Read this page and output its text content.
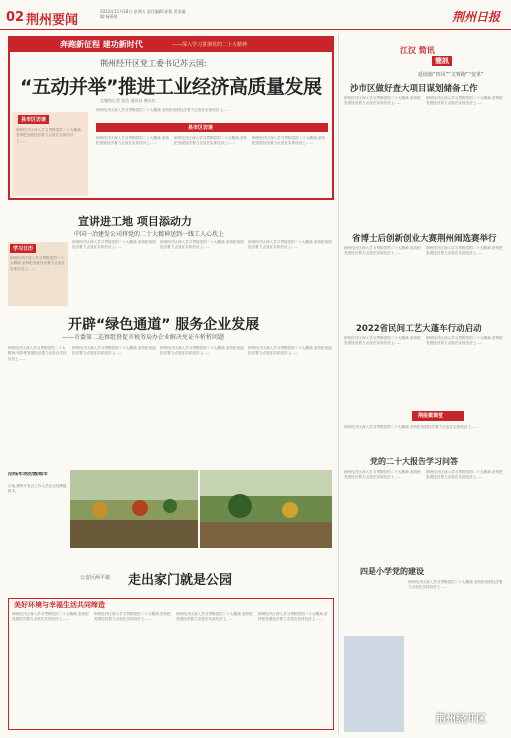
02 荆州要闻
2022年11月18日 星期五 责任编辑:孙莉 美术编辑:杨瑶瑶	荆州日报
奔跑新征程 建功新时代	——深入学习贯彻党的二十大精神
荆州经开区党工委书记苏云国:
“五动并举”推进工业经济高质量发展
全媒体记者 彭浩 通讯员 熊永红
县市区访谈
荆州经开区深入学习贯彻党的二十大精神,坚持把发展经济着力点放在实体经济上……
县市区访谈
荆州经开区深入学习贯彻党的二十大精神,坚持把发展经济着力点放在实体经济上……
荆州经开区深入学习贯彻党的二十大精神,坚持把发展经济着力点放在实体经济上……
荆州经开区深入学习贯彻党的二十大精神,坚持把发展经济着力点放在实体经济上……
荆州经开区深入学习贯彻党的二十大精神,坚持把发展经济着力点放在实体经济上……
江汉 简讯
簡訊
延续施“四风”“又赛跑”“变革”
沙市区做好査大项目谋划储备工作
荆州经开区深入学习贯彻党的二十大精神,坚持把发展经济着力点放在实体经济上……
荆州经开区深入学习贯彻党的二十大精神,坚持把发展经济着力点放在实体经济上……
省博士后创新创业大赛荆州闹选赛举行
荆州经开区深入学习贯彻党的二十大精神,坚持把发展经济着力点放在实体经济上……
荆州经开区深入学习贯彻党的二十大精神,坚持把发展经济着力点放在实体经济上……
2022省民间工艺大蓬车行动启动
荆州经开区深入学习贯彻党的二十大精神,坚持把发展经济着力点放在实体经济上……
荆州经开区深入学习贯彻党的二十大精神,坚持把发展经济着力点放在实体经济上……
荆报微课堂
荆州经开区深入学习贯彻党的二十大精神,坚持把发展经济着力点放在实体经济上……
党的二十大报告学习问答
荆州经开区深入学习贯彻党的二十大精神,坚持把发展经济着力点放在实体经济上……
荆州经开区深入学习贯彻党的二十大精神,坚持把发展经济着力点放在实体经济上……
四是小学党的建设
荆州经开区深入学习贯彻党的二十大精神,坚持把发展经济着力点放在实体经济上……
宣讲进工地 项目添动力
中国一冶建发公司将党的二十大精神送到一线工人心坎上
学习日历
荆州经开区深入学习贯彻党的二十大精神,坚持把发展经济着力点放在实体经济上……
荆州经开区深入学习贯彻党的二十大精神,坚持把发展经济着力点放在实体经济上……
荆州经开区深入学习贯彻党的二十大精神,坚持把发展经济着力点放在实体经济上……
荆州经开区深入学习贯彻党的二十大精神,坚持把发展经济着力点放在实体经济上……
开辟“绿色通道” 服务企业发展
——市委第二巡察组督促市税务局办企业解决免证车析析问题
荆州经开区深入学习贯彻党的二十大精神,坚持把发展经济着力点放在实体经济上……
荆州经开区深入学习贯彻党的二十大精神,坚持把发展经济着力点放在实体经济上……
荆州经开区深入学习贯彻党的二十大精神,坚持把发展经济着力点放在实体经济上……
荆州经开区深入学习贯彻党的二十大精神,坚持把发展经济着力点放在实体经济上……
沿线布场扮靓城市
日前,荆州开发区工作人员在沿线种植树木。
公安区两平镇 走出家门就是公园
美好环境与幸福生活共同缔造
荆州经开区深入学习贯彻党的二十大精神,坚持把发展经济着力点放在实体经济上……
荆州经开区深入学习贯彻党的二十大精神,坚持把发展经济着力点放在实体经济上……
荆州经开区深入学习贯彻党的二十大精神,坚持把发展经济着力点放在实体经济上……
荆州经开区深入学习贯彻党的二十大精神,坚持把发展经济着力点放在实体经济上……
荆州经开区
